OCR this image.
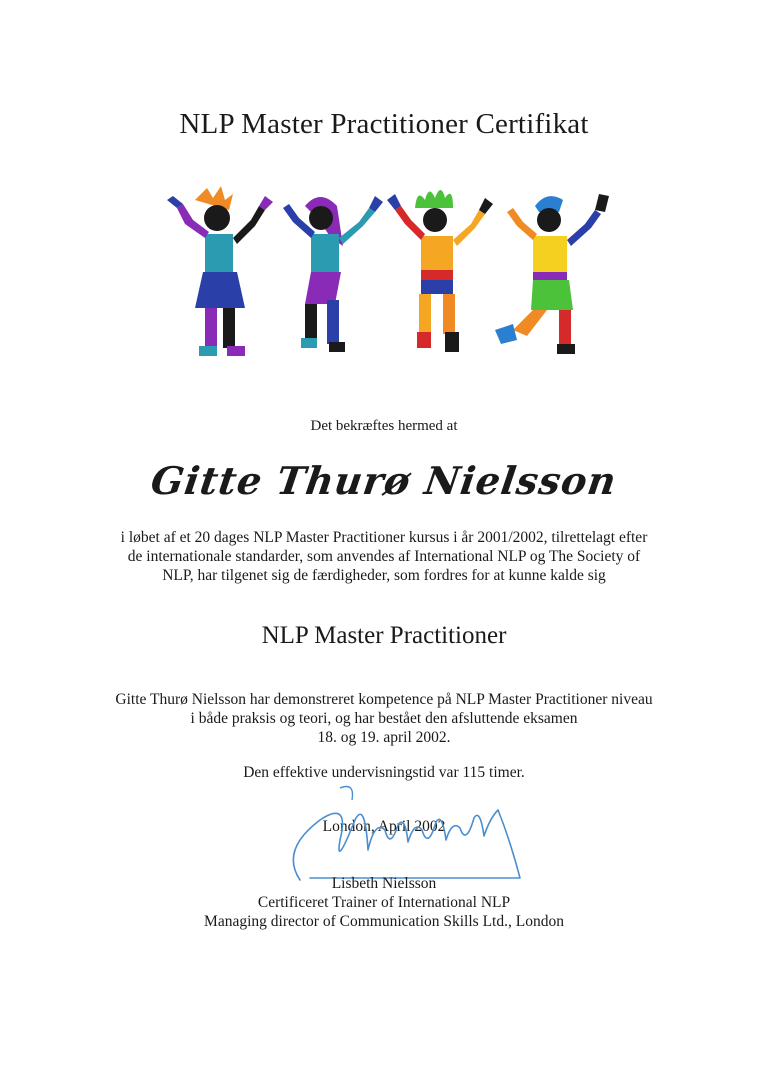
NLP Master Practitioner Certifikat
Det bekræftes hermed at
Gitte Thurø Nielsson
i løbet af et 20 dages NLP Master Practitioner kursus i år 2001/2002, tilrettelagt efter
de internationale standarder, som anvendes af International NLP og The Society of
NLP, har tilgenet sig de færdigheder, som fordres for at kunne kalde sig
NLP Master Practitioner
Gitte Thurø Nielsson har demonstreret kompetence på NLP Master Practitioner niveau
i både praksis og teori, og har bestået den afsluttende eksamen
18. og 19. april 2002.
Den effektive undervisningstid var 115 timer.
London, April 2002
Lisbeth Nielsson
Certificeret Trainer of International NLP
Managing director of Communication Skills Ltd., London
